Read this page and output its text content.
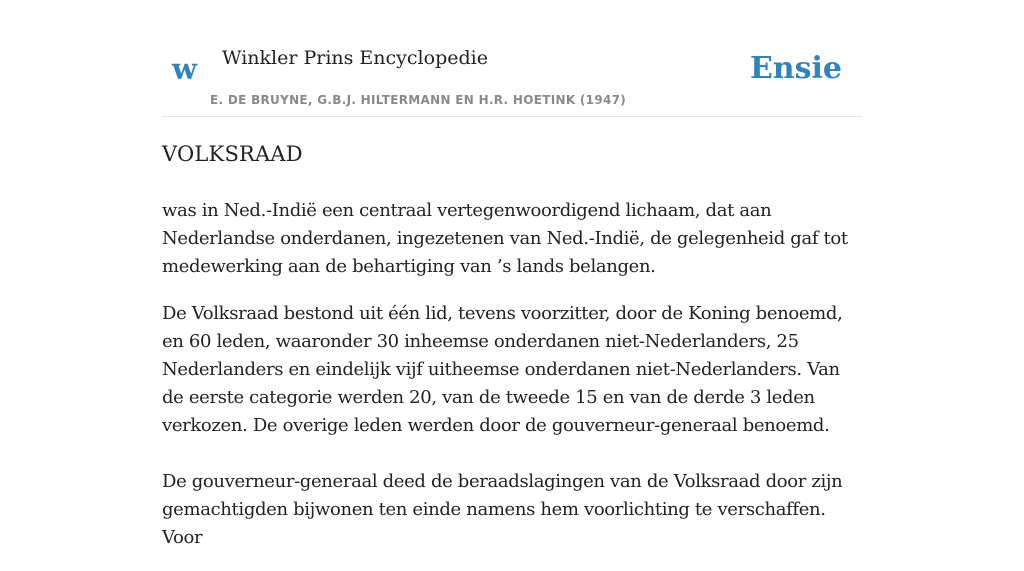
w Winkler Prins Encyclopedie
E. DE BRUYNE, G.B.J. HILTERMANN EN H.R. HOETINK (1947)
Ensie
VOLKSRAAD

was in Ned.-Indië een centraal vertegenwoordigend lichaam, dat aan Nederlandse onderdanen, ingezetenen van Ned.-Indië, de gelegenheid gaf tot medewerking aan de behartiging van ’s lands belangen.

De Volksraad bestond uit één lid, tevens voorzitter, door de Koning benoemd, en 60 leden, waaronder 30 inheemse onderdanen niet-Nederlanders, 25 Nederlanders en eindelijk vijf uitheemse onderdanen niet-Nederlanders. Van de eerste categorie werden 20, van de tweede 15 en van de derde 3 leden verkozen. De overige leden werden door de gouverneur-generaal benoemd.

De gouverneur-generaal deed de beraadslagingen van de Volksraad door zijn gemachtigden bijwonen ten einde namens hem voorlichting te verschaffen. Voor
